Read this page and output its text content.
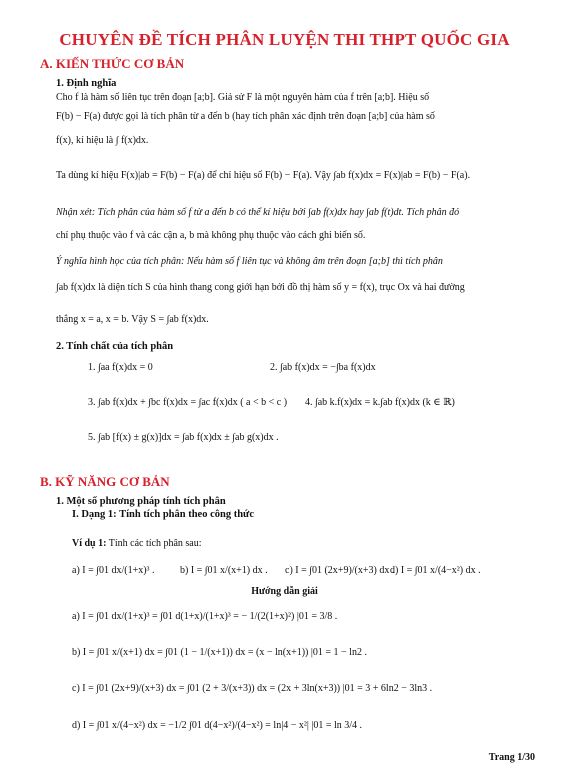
CHUYÊN ĐỀ TÍCH PHÂN LUYỆN THI THPT QUỐC GIA
A. KIẾN THỨC CƠ BẢN
1. Định nghĩa
Cho f là hàm số liên tục trên đoạn [a;b]. Giả sử F là một nguyên hàm của f trên [a;b]. Hiệu số
F(b) − F(a) được gọi là tích phân từ a đến b (hay tích phân xác định trên đoạn [a;b] của hàm số
f(x), kí hiệu là ∫ f(x)dx.
Ta dùng kí hiệu F(x)|ab = F(b) − F(a) để chỉ hiệu số F(b) − F(a). Vậy ∫ab f(x)dx = F(x)|ab = F(b) − F(a).
Nhận xét: Tích phân của hàm số f từ a đến b có thể kí hiệu bởi ∫ab f(x)dx hay ∫ab f(t)dt. Tích phân đó
chỉ phụ thuộc vào f và các cận a, b mà không phụ thuộc vào cách ghi biến số.
Ý nghĩa hình học của tích phân: Nếu hàm số f liên tục và không âm trên đoạn [a;b] thì tích phân
∫ab f(x)dx là diện tích S của hình thang cong giới hạn bởi đồ thị hàm số y = f(x), trục Ox và hai đường
thẳng x = a, x = b. Vậy S = ∫ab f(x)dx.
2. Tính chất của tích phân
1. ∫aa f(x)dx = 0	2. ∫ab f(x)dx = −∫ba f(x)dx
3. ∫ab f(x)dx + ∫bc f(x)dx = ∫ac f(x)dx ( a < b < c ) 4. ∫ab k.f(x)dx = k.∫ab f(x)dx (k ∈ ℝ)
5. ∫ab [f(x) ± g(x)]dx = ∫ab f(x)dx ± ∫ab g(x)dx .
B. KỸ NĂNG CƠ BẢN
1. Một số phương pháp tính tích phân
I. Dạng 1: Tính tích phân theo công thức
Ví dụ 1: Tính các tích phân sau:
a) I = ∫01 dx/(1+x)³ .	b) I = ∫01 x/(x+1) dx . c) I = ∫01 (2x+9)/(x+3) dx .
d) I = ∫01 x/(4−x²) dx .
Hướng dẫn giải
a) I = ∫01 dx/(1+x)³ = ∫01 d(1+x)/(1+x)³ = − 1/(2(1+x)²) |01 = 3/8 .
b) I = ∫01 x/(x+1) dx = ∫01 (1 − 1/(x+1)) dx = (x − ln(x+1)) |01 = 1 − ln2 .
c) I = ∫01 (2x+9)/(x+3) dx = ∫01 (2 + 3/(x+3)) dx = (2x + 3ln(x+3)) |01 = 3 + 6ln2 − 3ln3 .
d) I = ∫01 x/(4−x²) dx = −1/2 ∫01 d(4−x²)/(4−x²) = ln|4 − x²| |01 = ln 3/4 .
Trang 1/30
